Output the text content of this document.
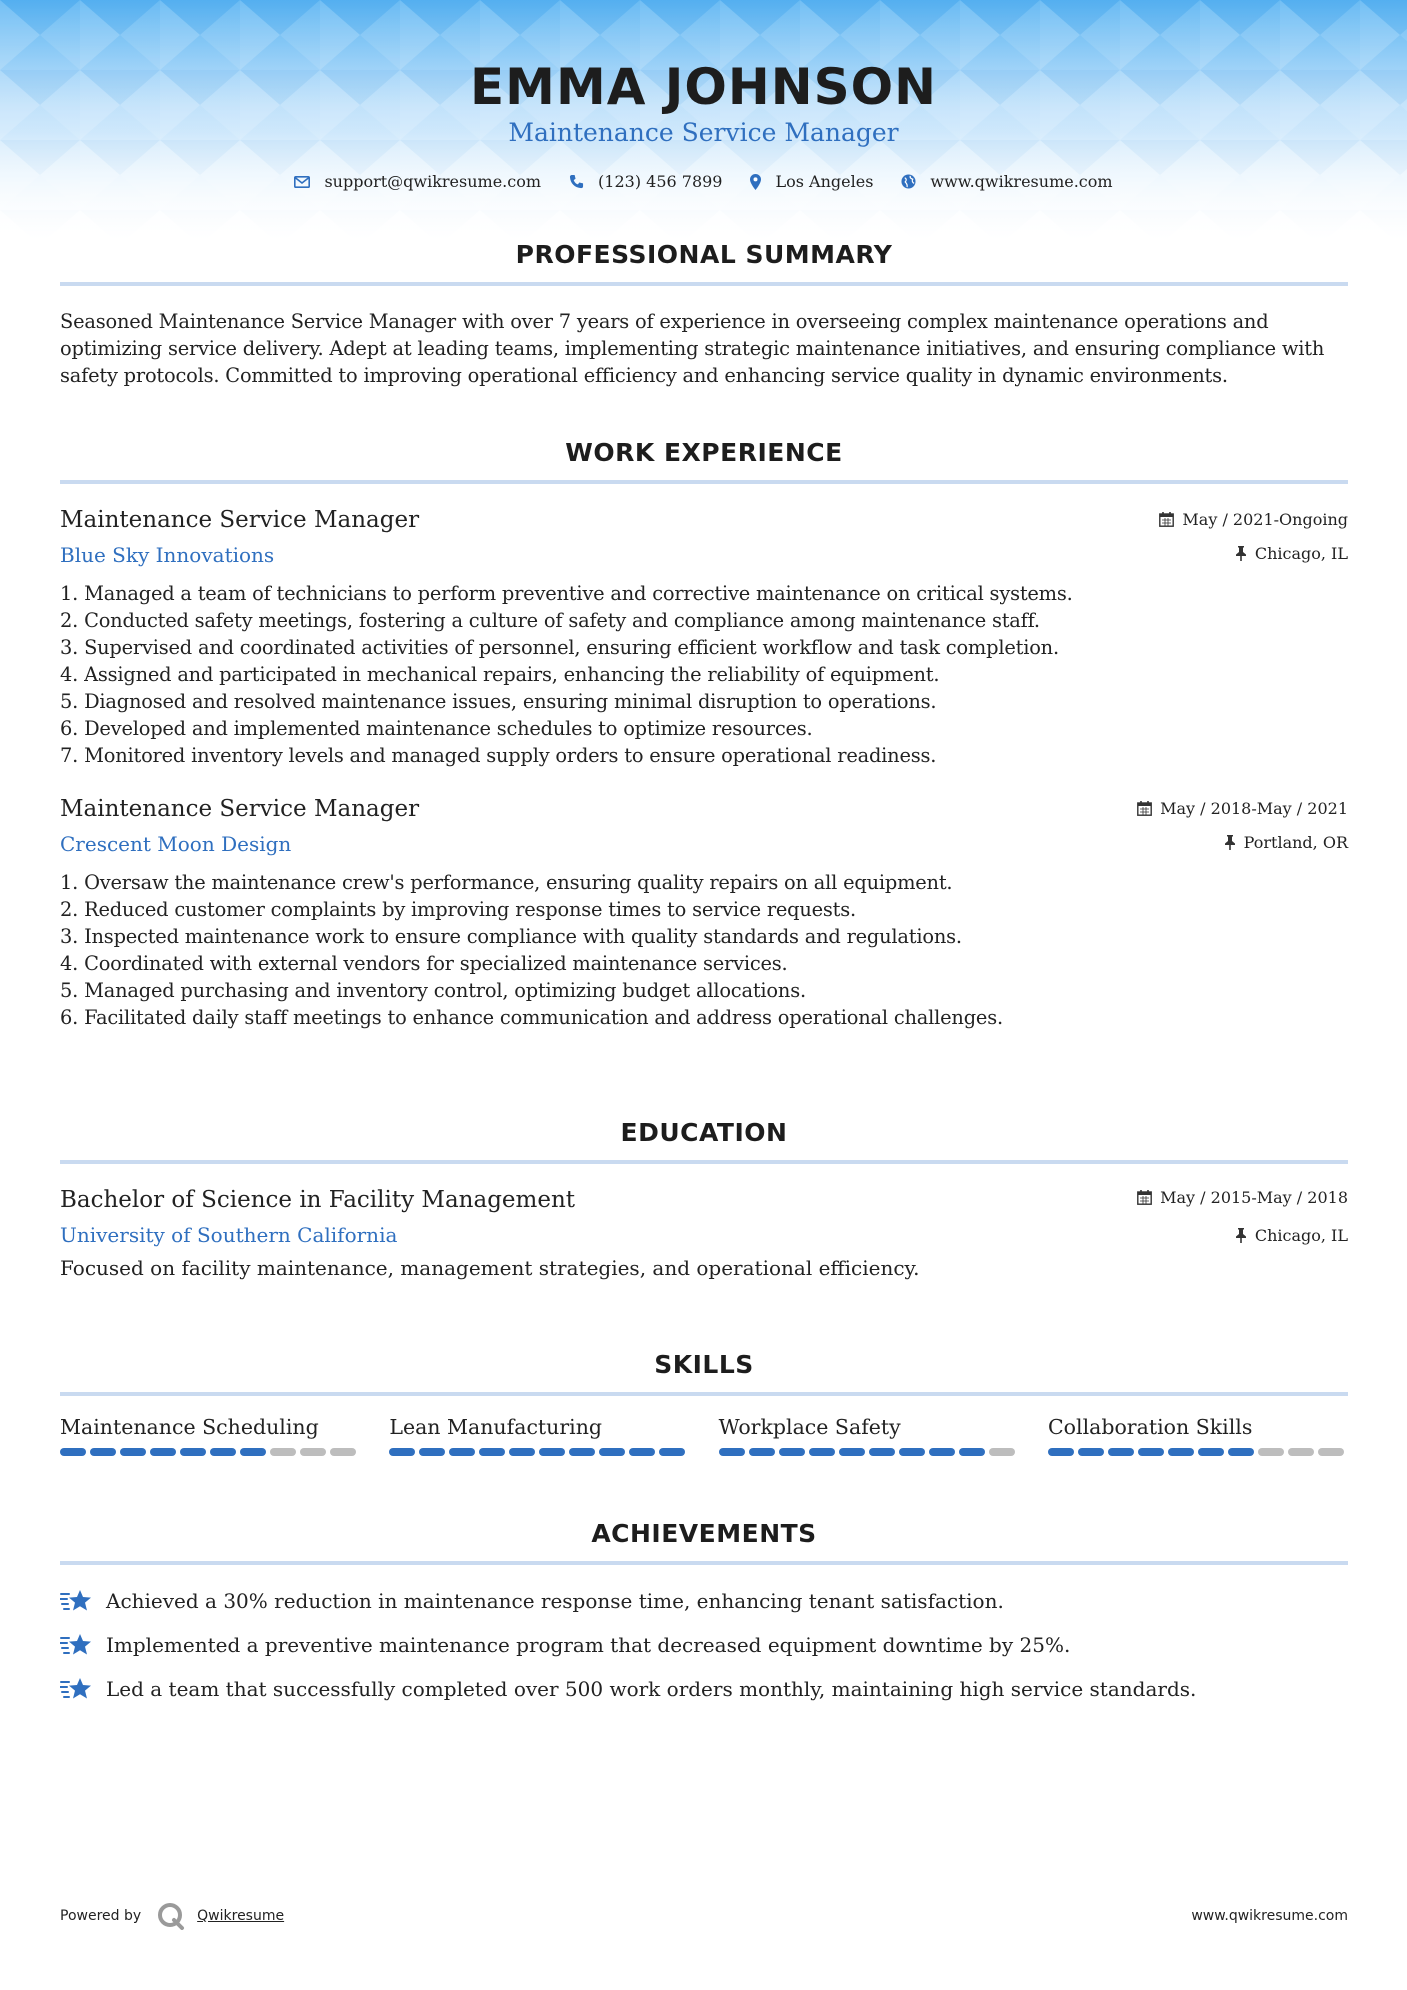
EMMA JOHNSON
Maintenance Service Manager
support@qwikresume.com	(123) 456 7899	Los Angeles	www.qwikresume.com
PROFESSIONAL SUMMARY
Seasoned Maintenance Service Manager with over 7 years of experience in overseeing complex maintenance operations and optimizing service delivery. Adept at leading teams, implementing strategic maintenance initiatives, and ensuring compliance with safety protocols. Committed to improving operational efficiency and enhancing service quality in dynamic environments.
WORK EXPERIENCE
Maintenance Service Manager
Blue Sky Innovations
May / 2021-Ongoing
Chicago, IL
1. Managed a team of technicians to perform preventive and corrective maintenance on critical systems.
2. Conducted safety meetings, fostering a culture of safety and compliance among maintenance staff.
3. Supervised and coordinated activities of personnel, ensuring efficient workflow and task completion.
4. Assigned and participated in mechanical repairs, enhancing the reliability of equipment.
5. Diagnosed and resolved maintenance issues, ensuring minimal disruption to operations.
6. Developed and implemented maintenance schedules to optimize resources.
7. Monitored inventory levels and managed supply orders to ensure operational readiness.
Maintenance Service Manager
Crescent Moon Design
May / 2018-May / 2021
Portland, OR
1. Oversaw the maintenance crew's performance, ensuring quality repairs on all equipment.
2. Reduced customer complaints by improving response times to service requests.
3. Inspected maintenance work to ensure compliance with quality standards and regulations.
4. Coordinated with external vendors for specialized maintenance services.
5. Managed purchasing and inventory control, optimizing budget allocations.
6. Facilitated daily staff meetings to enhance communication and address operational challenges.
EDUCATION
Bachelor of Science in Facility Management
University of Southern California
May / 2015-May / 2018
Chicago, IL
Focused on facility maintenance, management strategies, and operational efficiency.
SKILLS
Maintenance Scheduling	Lean Manufacturing	Workplace Safety	Collaboration Skills
ACHIEVEMENTS
Achieved a 30% reduction in maintenance response time, enhancing tenant satisfaction.
Implemented a preventive maintenance program that decreased equipment downtime by 25%.
Led a team that successfully completed over 500 work orders monthly, maintaining high service standards.
Powered by	Qwikresume	www.qwikresume.com
